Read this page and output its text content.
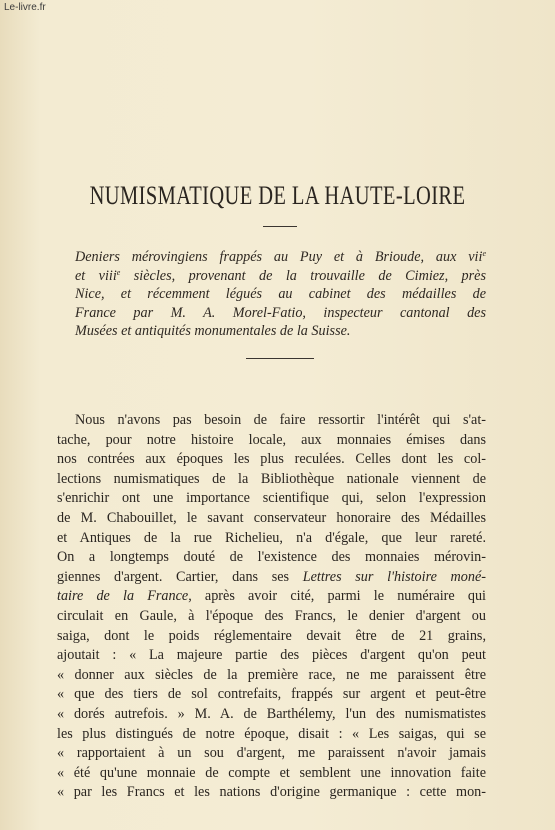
Le-livre.fr
NUMISMATIQUE DE LA HAUTE-LOIRE
Deniers mérovingiens frappés au Puy et à Brioude, aux vii$^e$
et viii$^e$ siècles, provenant de la trouvaille de Cimiez, près
Nice, et récemment légués au cabinet des médailles de
France par M. A. Morel-Fatio, inspecteur cantonal des
Musées et antiquités monumentales de la Suisse.
Nous n'avons pas besoin de faire ressortir l'intérêt qui s'at-
tache, pour notre histoire locale, aux monnaies émises dans
nos contrées aux époques les plus reculées. Celles dont les col-
lections numismatiques de la Bibliothèque nationale viennent de
s'enrichir ont une importance scientifique qui, selon l'expression
de M. Chabouillet, le savant conservateur honoraire des Médailles
et Antiques de la rue Richelieu, n'a d'égale, que leur rareté.
On a longtemps douté de l'existence des monnaies mérovin-
giennes d'argent. Cartier, dans ses Lettres sur l'histoire moné-
taire de la France, après avoir cité, parmi le numéraire qui
circulait en Gaule, à l'époque des Francs, le denier d'argent ou
saiga, dont le poids réglementaire devait être de 21 grains,
ajoutait : « La majeure partie des pièces d'argent qu'on peut
« donner aux siècles de la première race, ne me paraissent être
« que des tiers de sol contrefaits, frappés sur argent et peut-être
« dorés autrefois. » M. A. de Barthélemy, l'un des numismatistes
les plus distingués de notre époque, disait : « Les saigas, qui se
« rapportaient à un sou d'argent, me paraissent n'avoir jamais
« été qu'une monnaie de compte et semblent une innovation faite
« par les Francs et les nations d'origine germanique : cette mon-
